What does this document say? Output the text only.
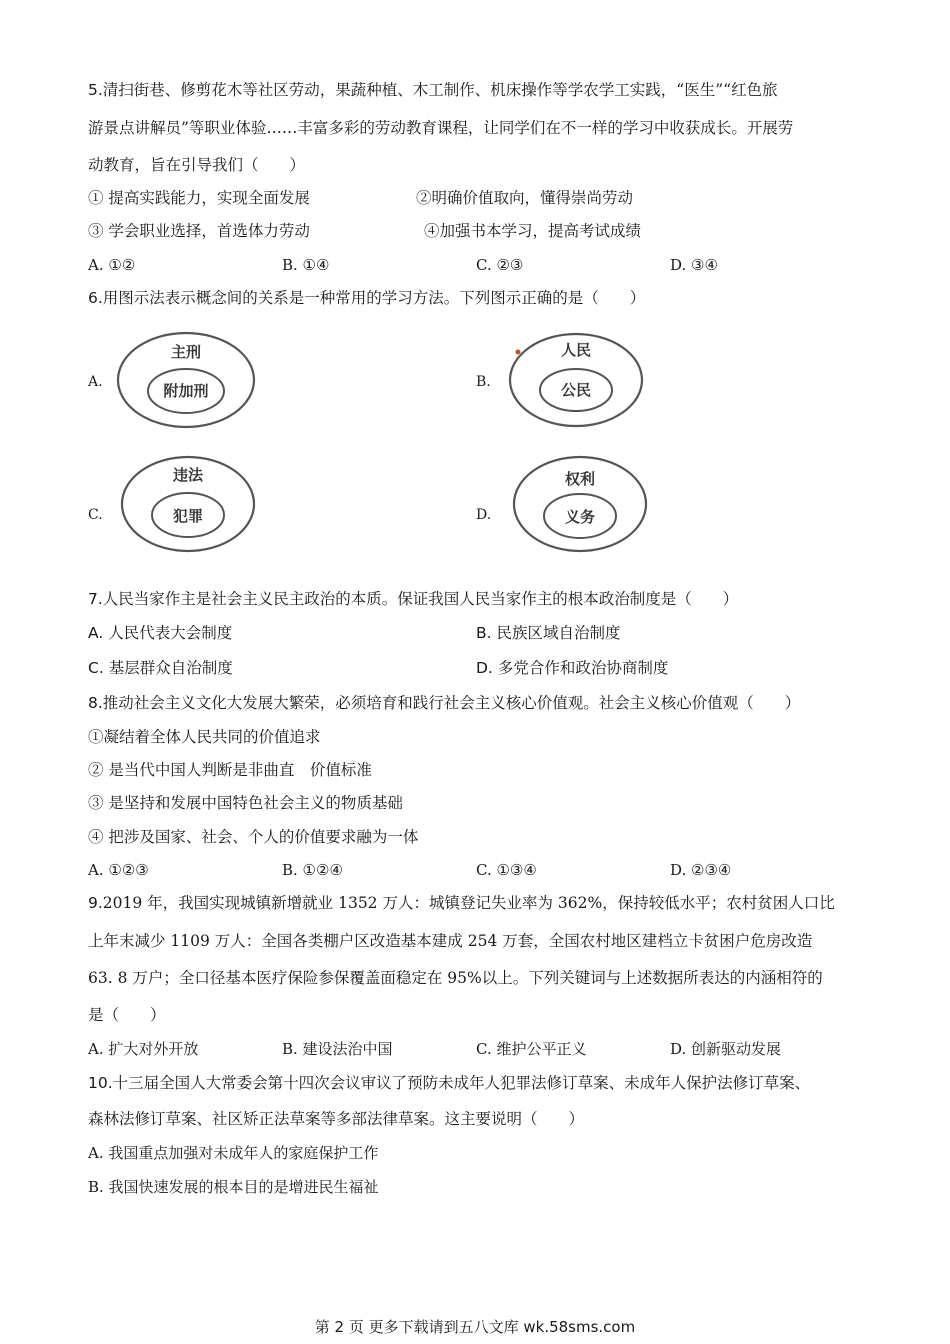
5.清扫街巷、修剪花木等社区劳动，果蔬种植、木工制作、机床操作等学农学工实践，“医生”“红色旅
游景点讲解员”等职业体验……丰富多彩的劳动教育课程，让同学们在不一样的学习中收获成长。开展劳
动教育，旨在引导我们（　　）
① 提高实践能力，实现全面发展	②明确价值取向，懂得崇尚劳动
③ 学会职业选择，首选体力劳动	④加强书本学习，提高考试成绩
A. ①②	B. ①④	C. ②③	D. ③④
6.用图示法表示概念间的关系是一种常用的学习方法。下列图示正确的是（　　）
A.
主刑
附加刑	B.
人民
公民
C.
违法
犯罪	D.
权利
义务
7.人民当家作主是社会主义民主政治的本质。保证我国人民当家作主的根本政治制度是（　　）
A. 人民代表大会制度	B. 民族区域自治制度
C. 基层群众自治制度	D. 多党合作和政治协商制度
8.推动社会主义文化大发展大繁荣，必须培育和践行社会主义核心价值观。社会主义核心价值观（　　）
①凝结着全体人民共同的价值追求
② 是当代中国人判断是非曲直　价值标准
③ 是坚持和发展中国特色社会主义的物质基础
④ 把涉及国家、社会、个人的价值要求融为一体
A. ①②③	B. ①②④	C. ①③④	D. ②③④
9.2019 年，我国实现城镇新增就业 1352 万人：城镇登记失业率为 362%，保持较低水平；农村贫困人口比
上年末减少 1109 万人：全国各类棚户区改造基本建成 254 万套，全国农村地区建档立卡贫困户危房改造
63. 8 万户；全口径基本医疗保险参保覆盖面稳定在 95%以上。下列关键词与上述数据所表达的内涵相符的
是（　　）
A. 扩大对外开放	B. 建设法治中国	C. 维护公平正义	D. 创新驱动发展
10.十三届全国人大常委会第十四次会议审议了预防未成年人犯罪法修订草案、未成年人保护法修订草案、
森林法修订草案、社区矫正法草案等多部法律草案。这主要说明（　　）
A. 我国重点加强对未成年人的家庭保护工作
B. 我国快速发展的根本目的是增进民生福祉
第 2 页 更多下载请到五八文库 wk.58sms.com
